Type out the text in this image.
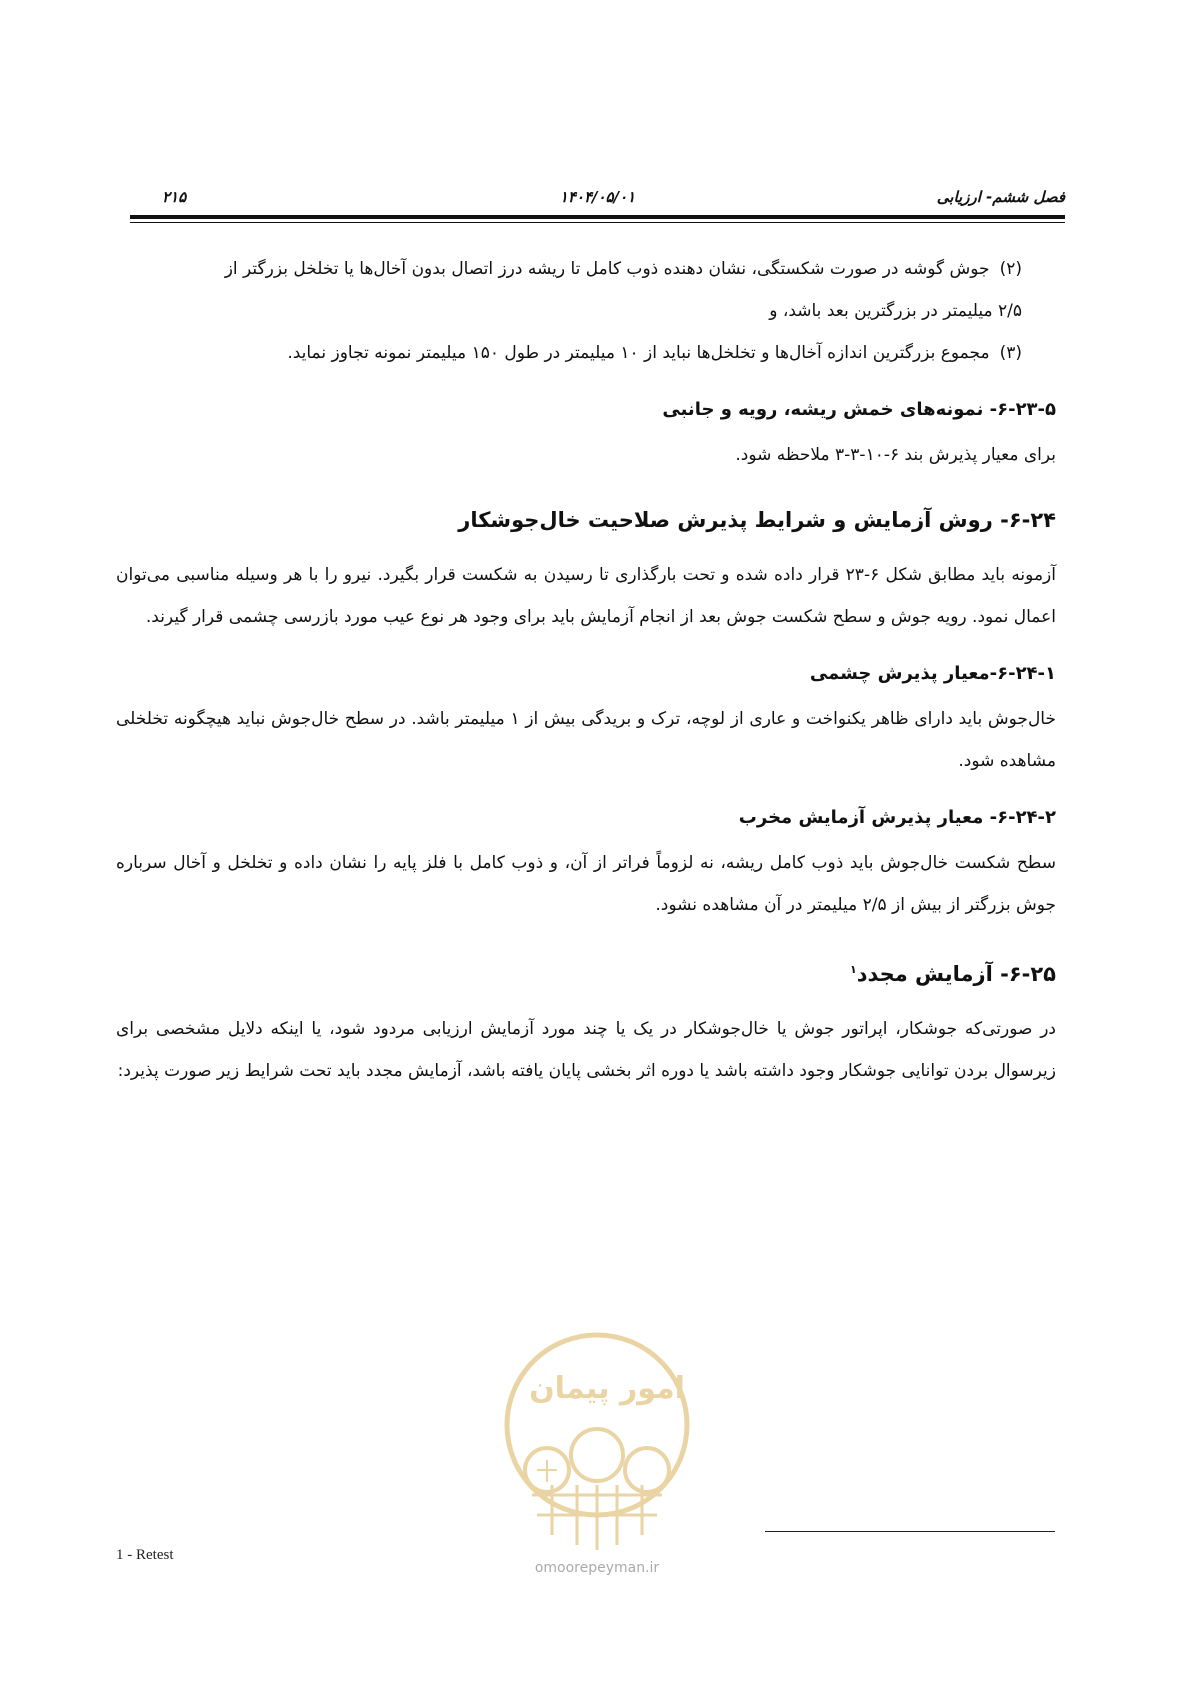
۲۱۵	۱۴۰۴/۰۵/۰۱	فصل ششم- ارزیابی

(۲)جوش گوشه در صورت شکستگی، نشان دهنده ذوب کامل تا ریشه درز اتصال بدون آخال‌ها یا تخلخل بزرگتر از

۲/۵ میلیمتر در بزرگترین بعد باشد، و

(۳)مجموع بزرگترین اندازه آخال‌ها و تخلخل‌ها نباید از ۱۰ میلیمتر در طول ۱۵۰ میلیمتر نمونه تجاوز نماید.

۶-۲۳-۵- نمونه‌های خمش ریشه، رویه و جانبی

برای معیار پذیرش بند ۶-۱۰-۳-۳ ملاحظه شود.

۶-۲۴- روش آزمایش و شرایط پذیرش صلاحیت خال‌جوشکار

آزمونه باید مطابق شکل ۶-۲۳ قرار داده شده و تحت بارگذاری تا رسیدن به شکست قرار بگیرد. نیرو را با هر وسیله مناسبی می‌توان اعمال نمود. رویه جوش و سطح شکست جوش بعد از انجام آزمایش باید برای وجود هر نوع عیب مورد بازرسی چشمی قرار گیرند.

۶-۲۴-۱-معیار پذیرش چشمی

خال‌جوش باید دارای ظاهر یکنواخت و عاری از لوچه، ترک و بریدگی بیش از ۱ میلیمتر باشد. در سطح خال‌جوش نباید هیچگونه تخلخلی مشاهده شود.

۶-۲۴-۲- معیار پذیرش آزمایش مخرب

سطح شکست خال‌جوش باید ذوب کامل ریشه، نه لزوماً فراتر از آن، و ذوب کامل با فلز پایه را نشان داده و تخلخل و آخال سرباره جوش بزرگتر از بیش از ۲/۵ میلیمتر در آن مشاهده نشود.

۶-۲۵- آزمایش مجدد$^۱$

در صورتی‌که جوشکار، اپراتور جوش یا خال‌جوشکار در یک یا چند مورد آزمایش ارزیابی مردود شود، یا اینکه دلایل مشخصی برای زیرسوال بردن توانایی جوشکار وجود داشته باشد یا دوره اثر بخشی پایان یافته باشد، آزمایش مجدد باید تحت شرایط زیر صورت پذیرد:

امور پیمان
omoorepeyman.ir
1 - Retest
